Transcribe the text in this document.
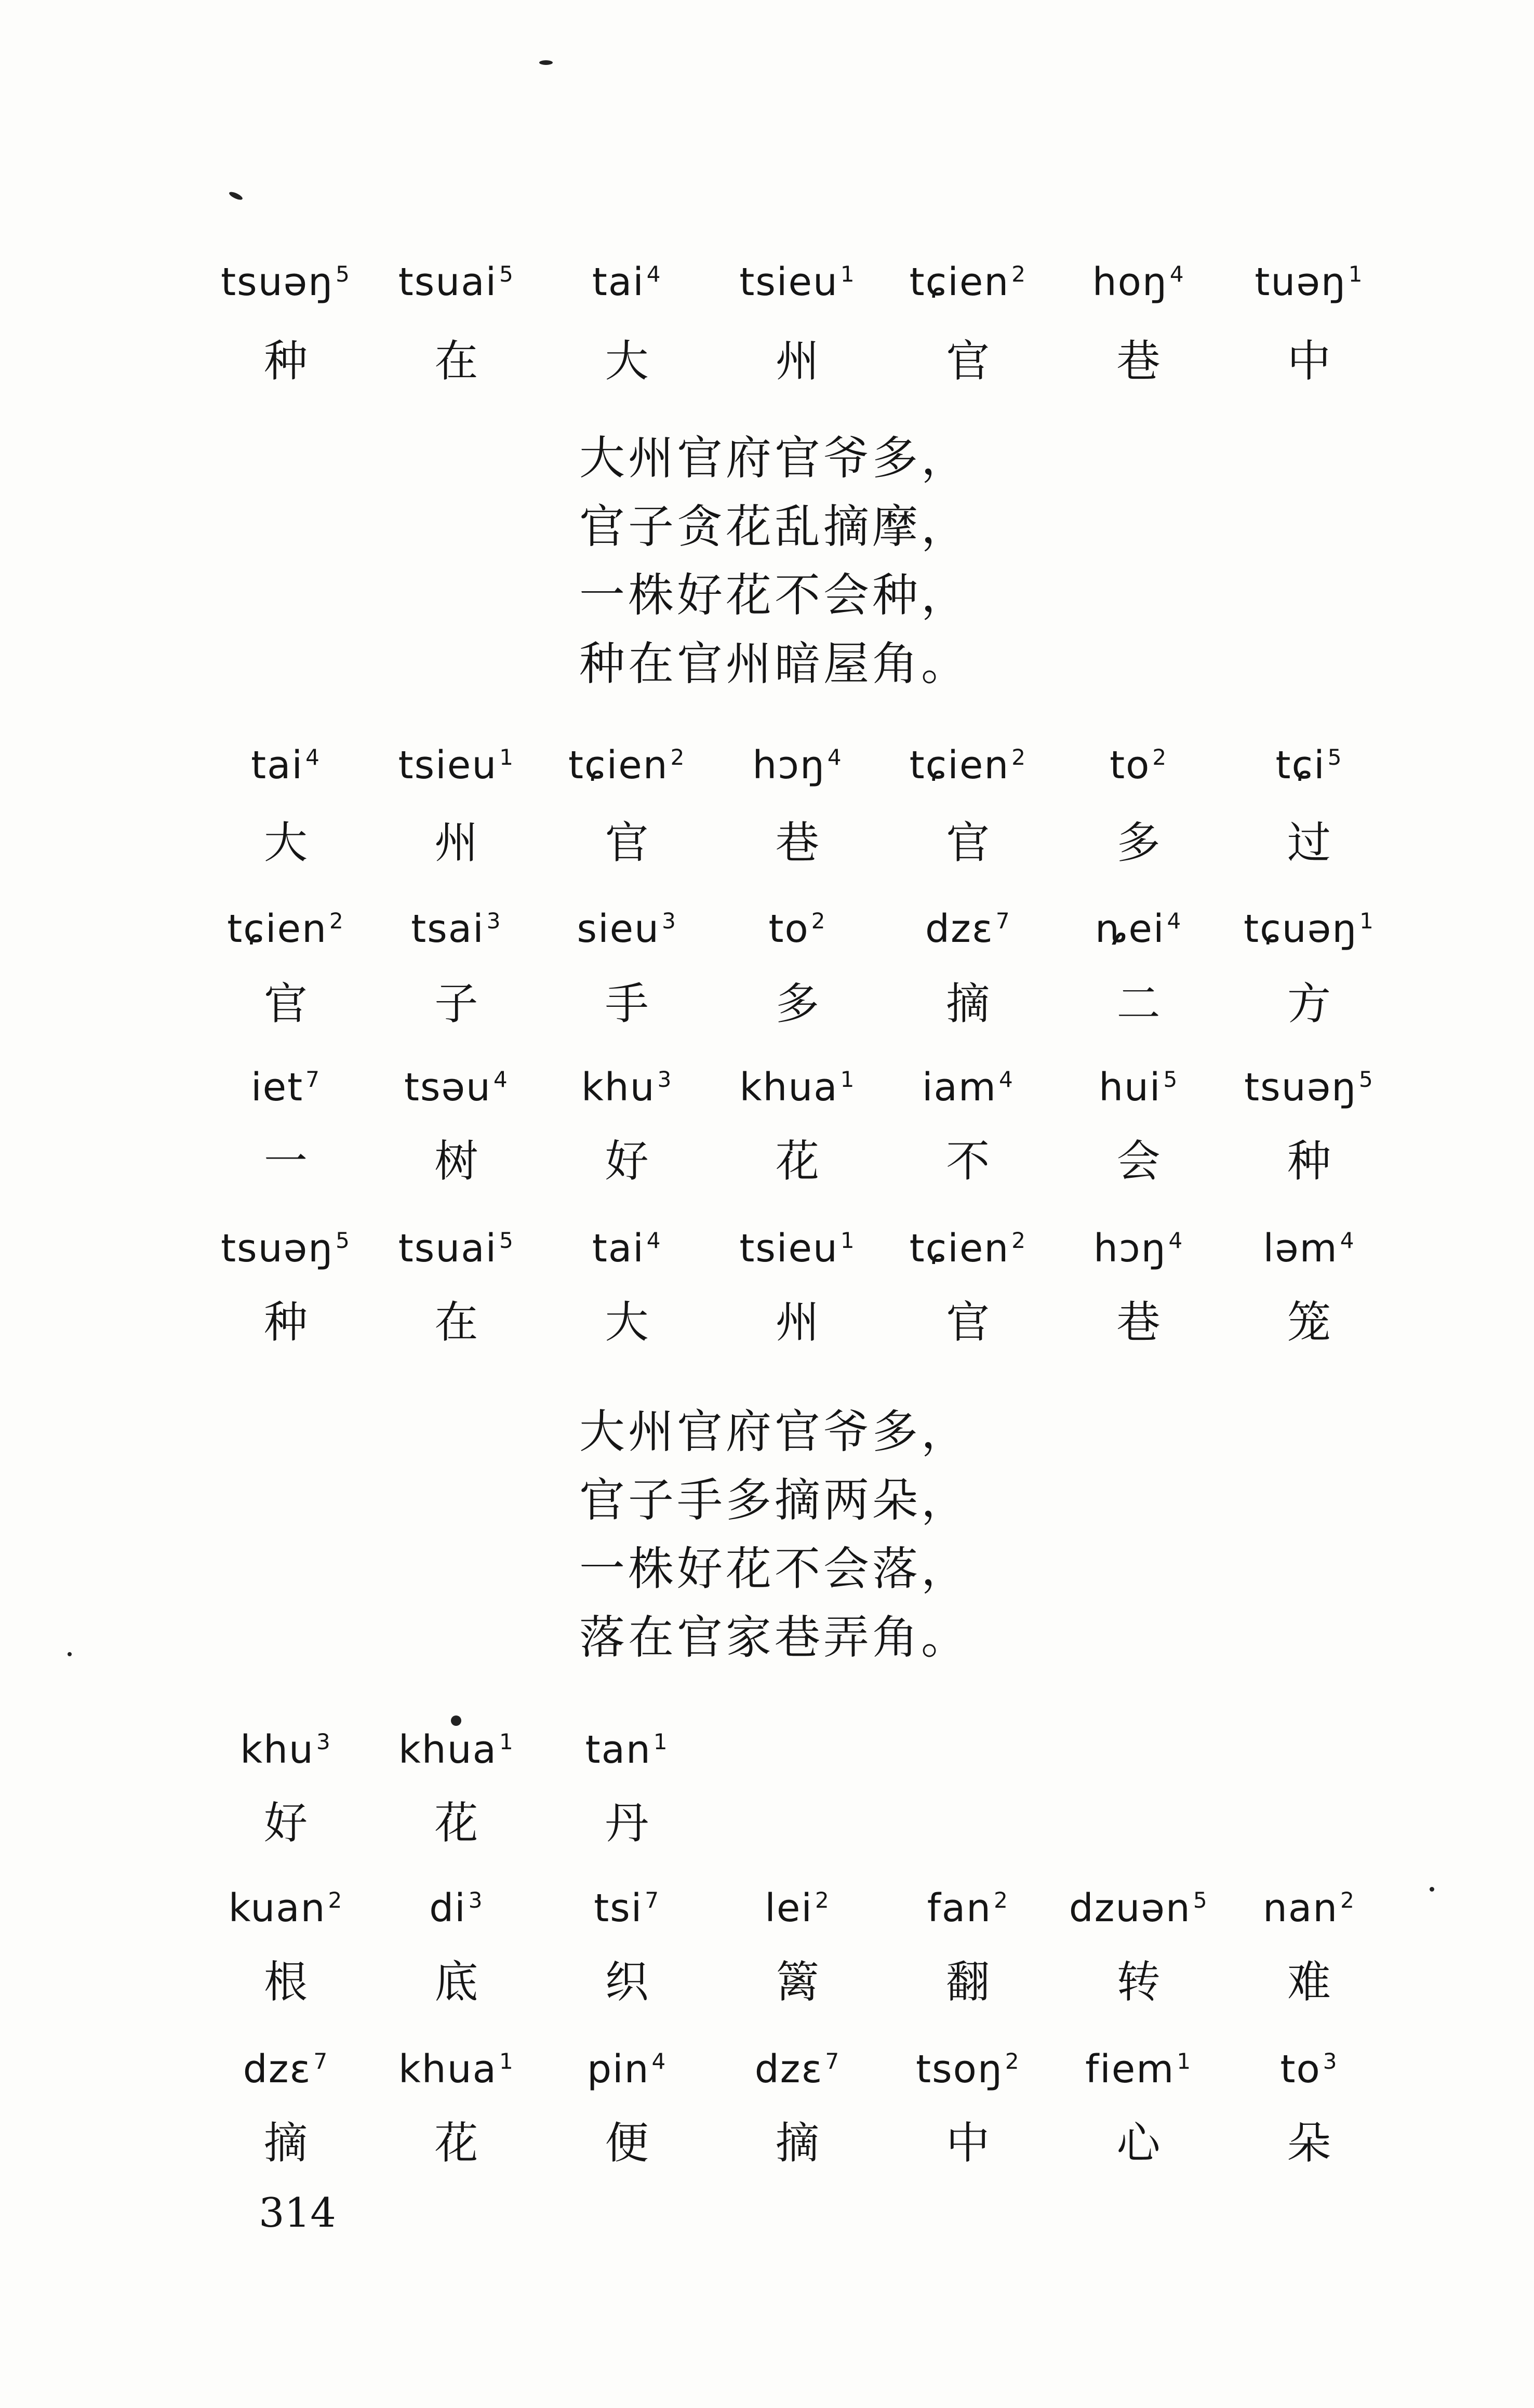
tsuəŋ$^5$	tsuai$^5$	tai$^4$	tsieu$^1$	tɕien$^2$	hoŋ$^4$	tuəŋ$^1$
种	在	大	州	官	巷	中
大州官府官爷多，
官子贪花乱摘摩，
一株好花不会种，
种在官州暗屋角。
tai$^4$	tsieu$^1$	tɕien$^2$	hɔŋ$^4$	tɕien$^2$	$to^2$	tɕi$^5$
大	州	官	巷	官	多	过
tɕien$^2$	tsai$^3$	sieu$^3$	$to^2$	dzɛ$^7$	ȵei$^4$	tɕuəŋ$^1$
官	子	手	多	摘	二	方
iet$^7$	tsəu$^4$	khu$^3$	khua$^1$	iam$^4$	hui$^5$	tsuəŋ$^5$
一	树	好	花	不	会	种
tsuəŋ$^5$	tsuai$^5$	tai$^4$	tsieu$^1$	tɕien$^2$	hɔŋ$^4$	ləm$^4$
种	在	大	州	官	巷	笼
大州官府官爷多，
官子手多摘两朵，
一株好花不会落，
落在官家巷弄角。
khu$^3$	khua$^1$	$\tan^1$
好	花	丹
kuan$^2$	$di^3$	tsi$^7$	lei$^2$	fan$^2$	dzuən$^5$	nan$^2$
根	底	织	篱	翻	转	难
dzɛ$^7$	khua$^1$	pin$^4$	dzɛ$^7$	tsoŋ$^2$	fiem$^1$	$to^3$
摘	花	便	摘	中	心	朵
314
